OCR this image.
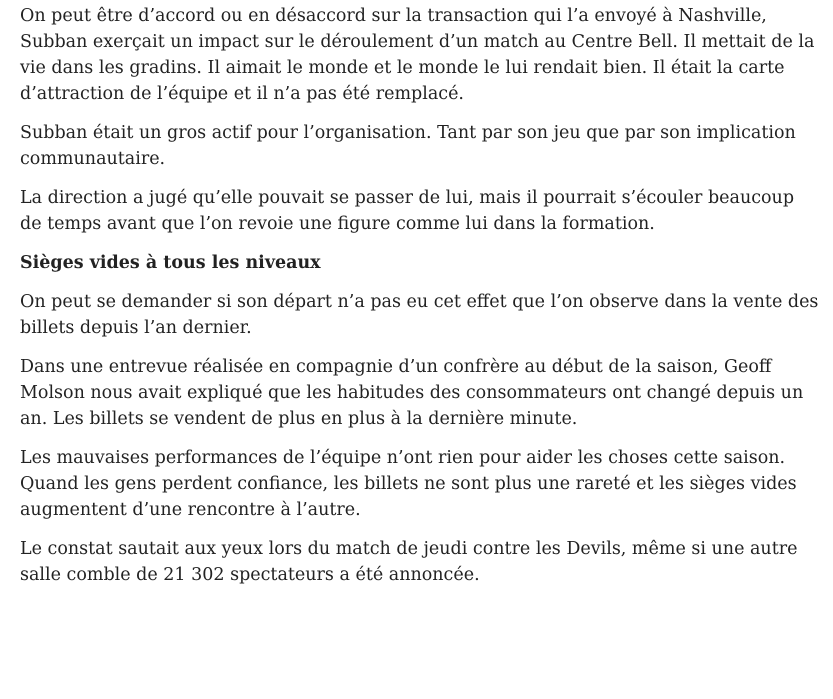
On peut être d’accord ou en désaccord sur la transaction qui l’a envoyé à Nashville, Subban exerçait un impact sur le déroulement d’un match au Centre Bell. Il mettait de la vie dans les gradins. Il aimait le monde et le monde le lui rendait bien. Il était la carte d’attraction de l’équipe et il n’a pas été remplacé.

Subban était un gros actif pour l’organisation. Tant par son jeu que par son implication communautaire.

La direction a jugé qu’elle pouvait se passer de lui, mais il pourrait s’écouler beaucoup de temps avant que l’on revoie une figure comme lui dans la formation.

Sièges vides à tous les niveaux

On peut se demander si son départ n’a pas eu cet effet que l’on observe dans la vente des billets depuis l’an dernier.

Dans une entrevue réalisée en compagnie d’un confrère au début de la saison, Geoff Molson nous avait expliqué que les habitudes des consommateurs ont changé depuis un an. Les billets se vendent de plus en plus à la dernière minute.

Les mauvaises performances de l’équipe n’ont rien pour aider les choses cette saison. Quand les gens perdent confiance, les billets ne sont plus une rareté et les sièges vides augmentent d’une rencontre à l’autre.

Le constat sautait aux yeux lors du match de jeudi contre les Devils, même si une autre salle comble de 21 302 spectateurs a été annoncée.
